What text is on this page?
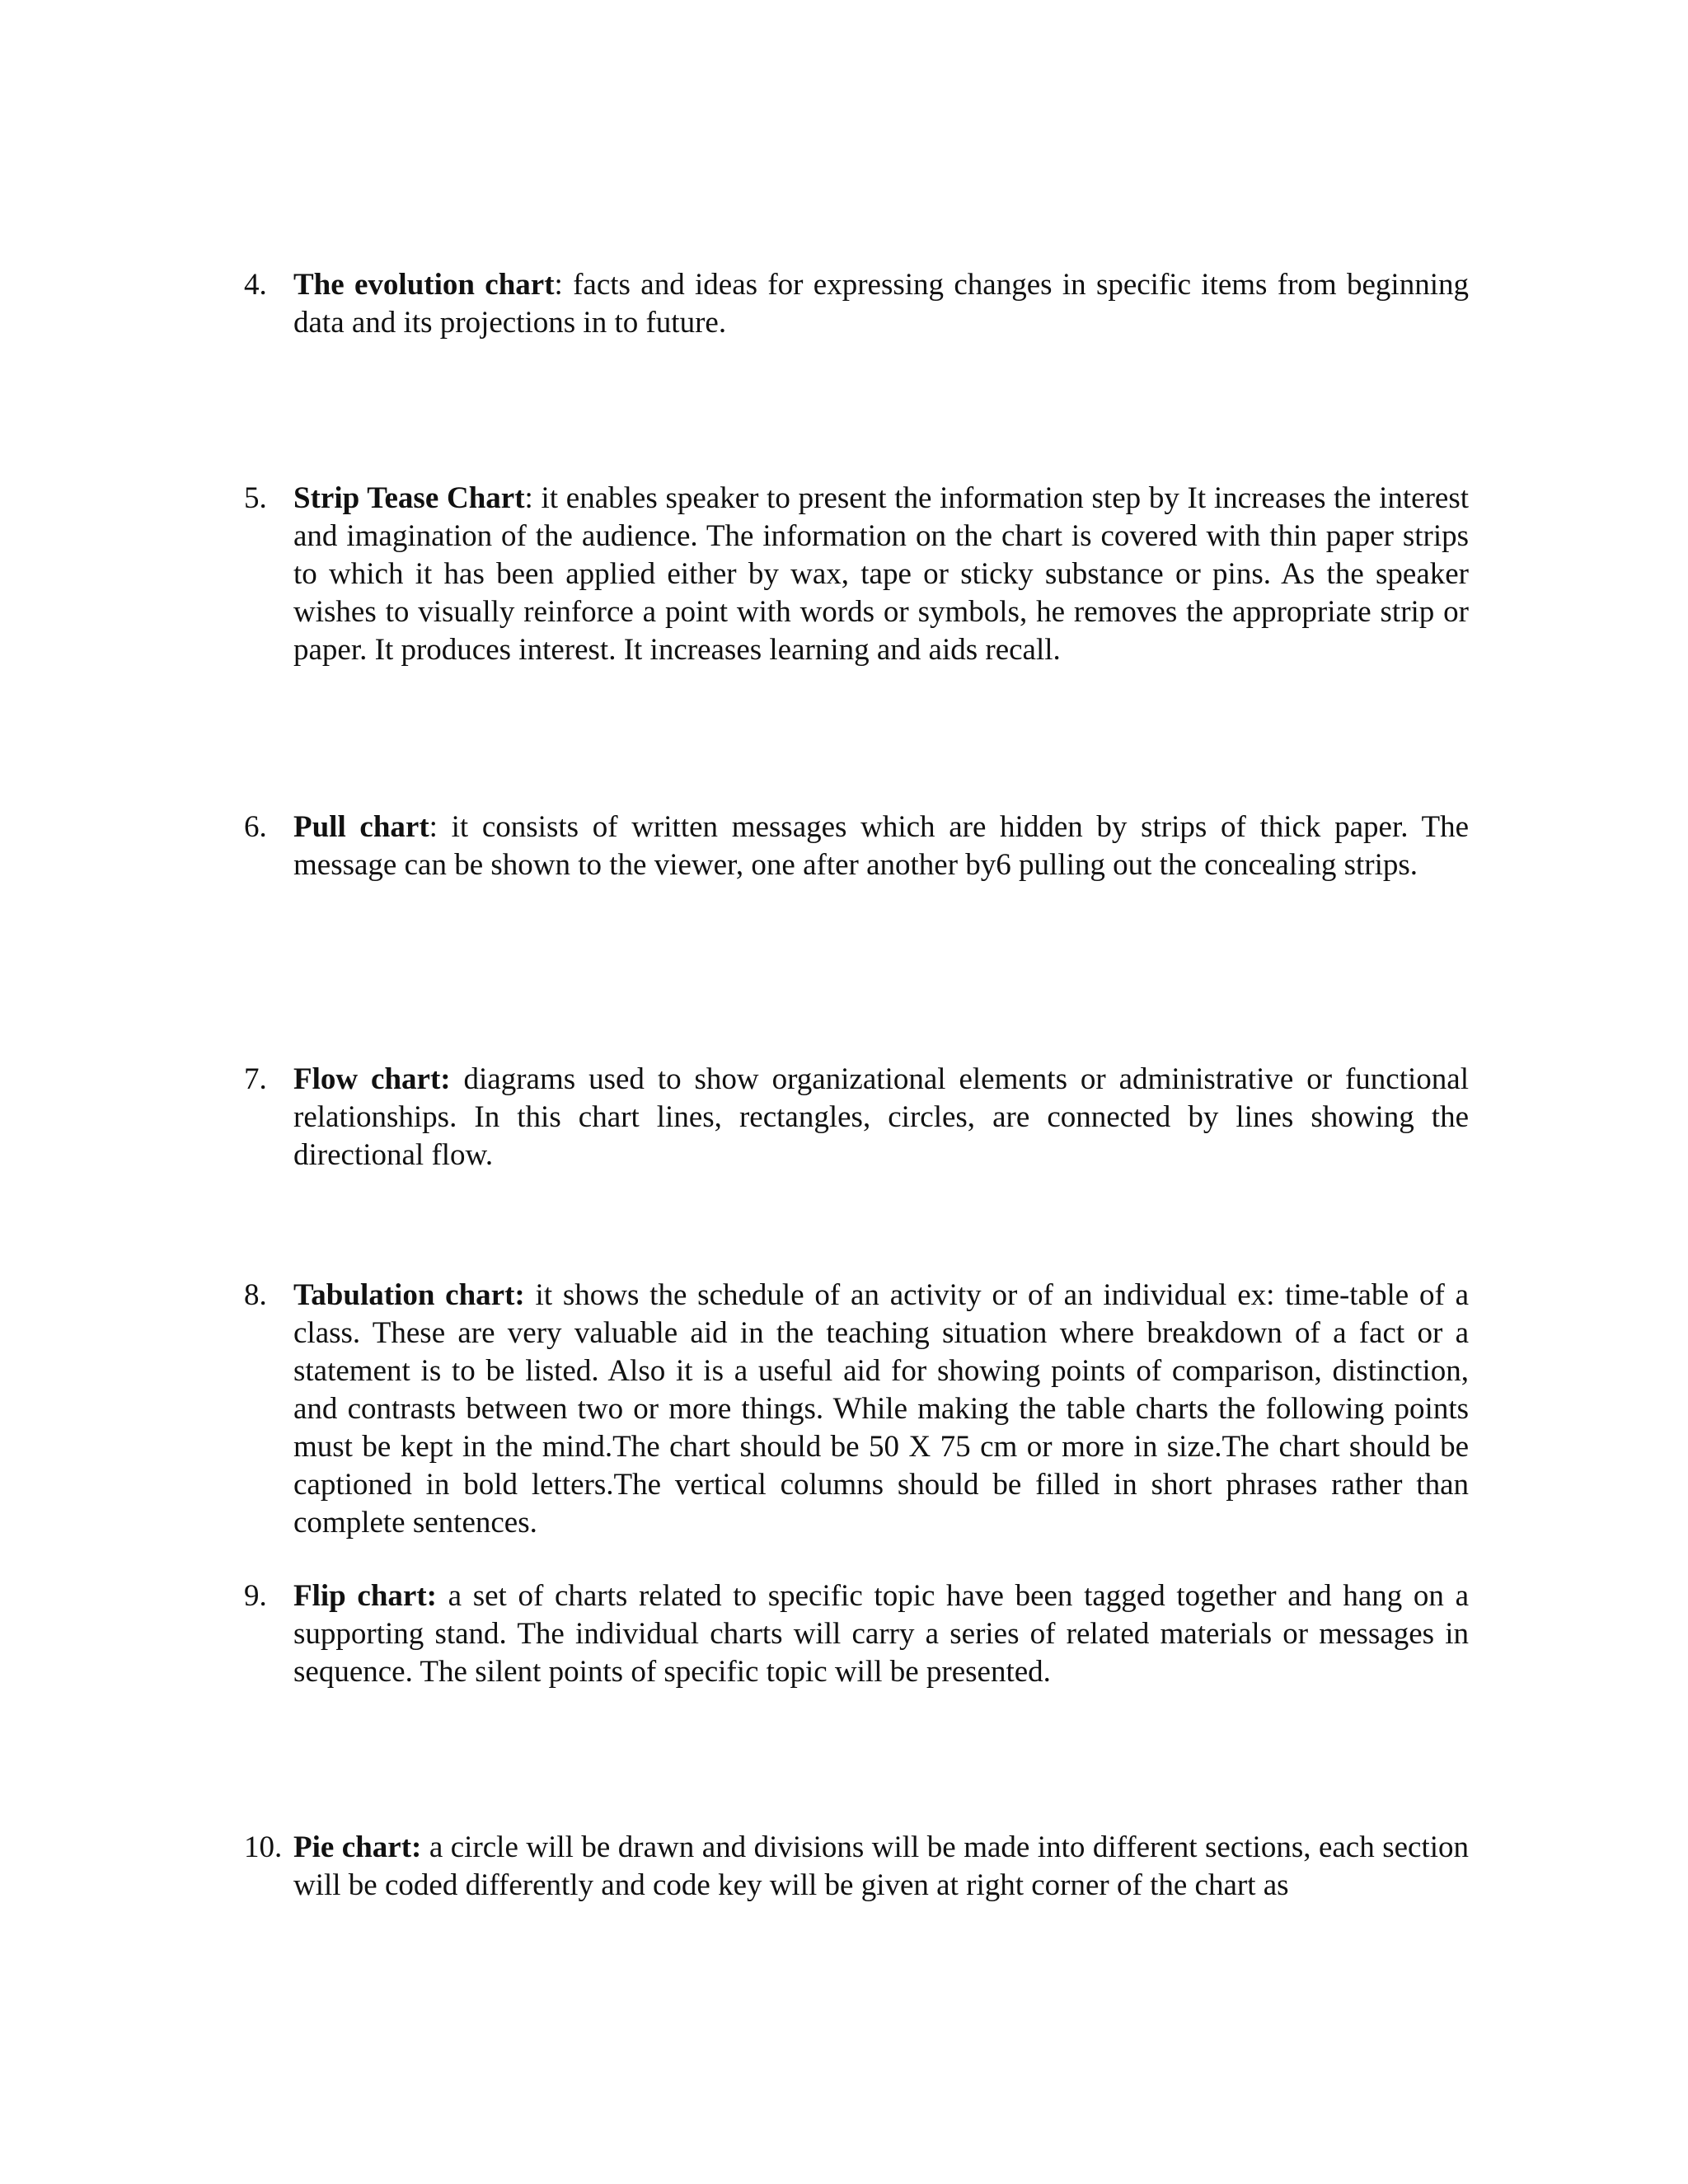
4. The evolution chart: facts and ideas for expressing changes in specific items from beginning data and its projections in to future.
5. Strip Tease Chart: it enables speaker to present the information step by It increases the interest and imagination of the audience. The information on the chart is covered with thin paper strips to which it has been applied either by wax, tape or sticky substance or pins. As the speaker wishes to visually reinforce a point with words or symbols, he removes the appropriate strip or paper. It produces interest. It increases learning and aids recall.
6. Pull chart: it consists of written messages which are hidden by strips of thick paper. The message can be shown to the viewer, one after another by6 pulling out the concealing strips.
7. Flow chart: diagrams used to show organizational elements or administrative or functional relationships. In this chart lines, rectangles, circles, are connected by lines showing the directional flow.
8. Tabulation chart: it shows the schedule of an activity or of an individual ex: time-table of a class. These are very valuable aid in the teaching situation where breakdown of a fact or a statement is to be listed. Also it is a useful aid for showing points of comparison, distinction, and contrasts between two or more things. While making the table charts the following points must be kept in the mind.The chart should be 50 X 75 cm or more in size.The chart should be captioned in bold letters.The vertical columns should be filled in short phrases rather than complete sentences.
9. Flip chart: a set of charts related to specific topic have been tagged together and hang on a supporting stand. The individual charts will carry a series of related materials or messages in sequence. The silent points of specific topic will be presented.
10. Pie chart: a circle will be drawn and divisions will be made into different sections, each section will be coded differently and code key will be given at right corner of the chart as
